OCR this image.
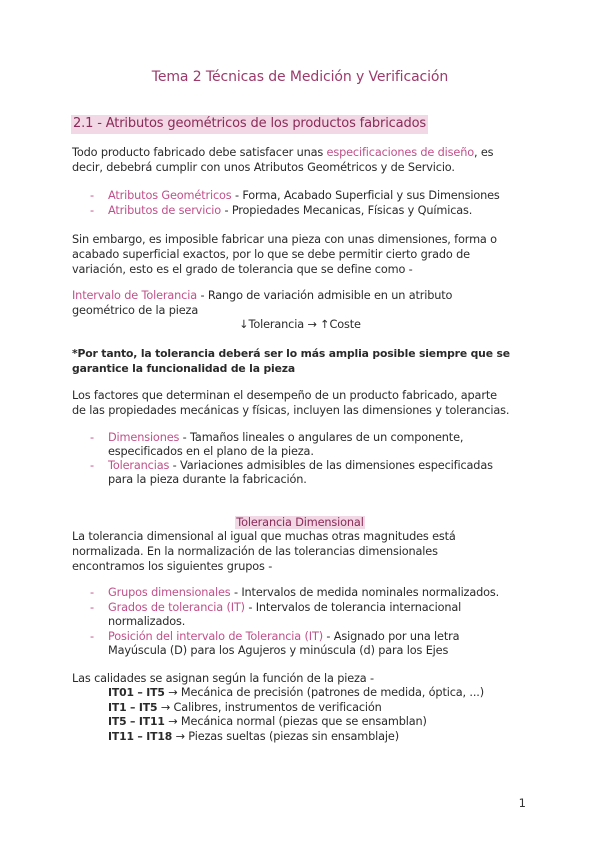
Tema 2 Técnicas de Medición y Verificación
2.1 - Atributos geométricos de los productos fabricados
Todo producto fabricado debe satisfacer unas especificaciones de diseño, es
decir, debebrá cumplir con unos Atributos Geométricos y de Servicio.
- Atributos Geométricos - Forma, Acabado Superficial y sus Dimensiones
- Atributos de servicio - Propiedades Mecanicas, Físicas y Químicas.
Sin embargo, es imposible fabricar una pieza con unas dimensiones, forma o
acabado superficial exactos, por lo que se debe permitir cierto grado de
variación, esto es el grado de tolerancia que se define como -
Intervalo de Tolerancia - Rango de variación admisible en un atributo
geométrico de la pieza
↓Tolerancia → ↑Coste
*Por tanto, la tolerancia deberá ser lo más amplia posible siempre que se
garantice la funcionalidad de la pieza
Los factores que determinan el desempeño de un producto fabricado, aparte
de las propiedades mecánicas y físicas, incluyen las dimensiones y tolerancias.
- Dimensiones - Tamaños lineales o angulares de un componente,
especificados en el plano de la pieza.
- Tolerancias - Variaciones admisibles de las dimensiones especificadas
para la pieza durante la fabricación.
Tolerancia Dimensional
La tolerancia dimensional al igual que muchas otras magnitudes está
normalizada. En la normalización de las tolerancias dimensionales
encontramos los siguientes grupos -
- Grupos dimensionales - Intervalos de medida nominales normalizados.
- Grados de tolerancia (IT) - Intervalos de tolerancia internacional
normalizados.
- Posición del intervalo de Tolerancia (IT) - Asignado por una letra
Mayúscula (D) para los Agujeros y minúscula (d) para los Ejes
Las calidades se asignan según la función de la pieza -
IT01 – IT5 → Mecánica de precisión (patrones de medida, óptica, ...)
IT1 – IT5 → Calibres, instrumentos de verificación
IT5 – IT11 → Mecánica normal (piezas que se ensamblan)
IT11 – IT18 → Piezas sueltas (piezas sin ensamblaje)
1
